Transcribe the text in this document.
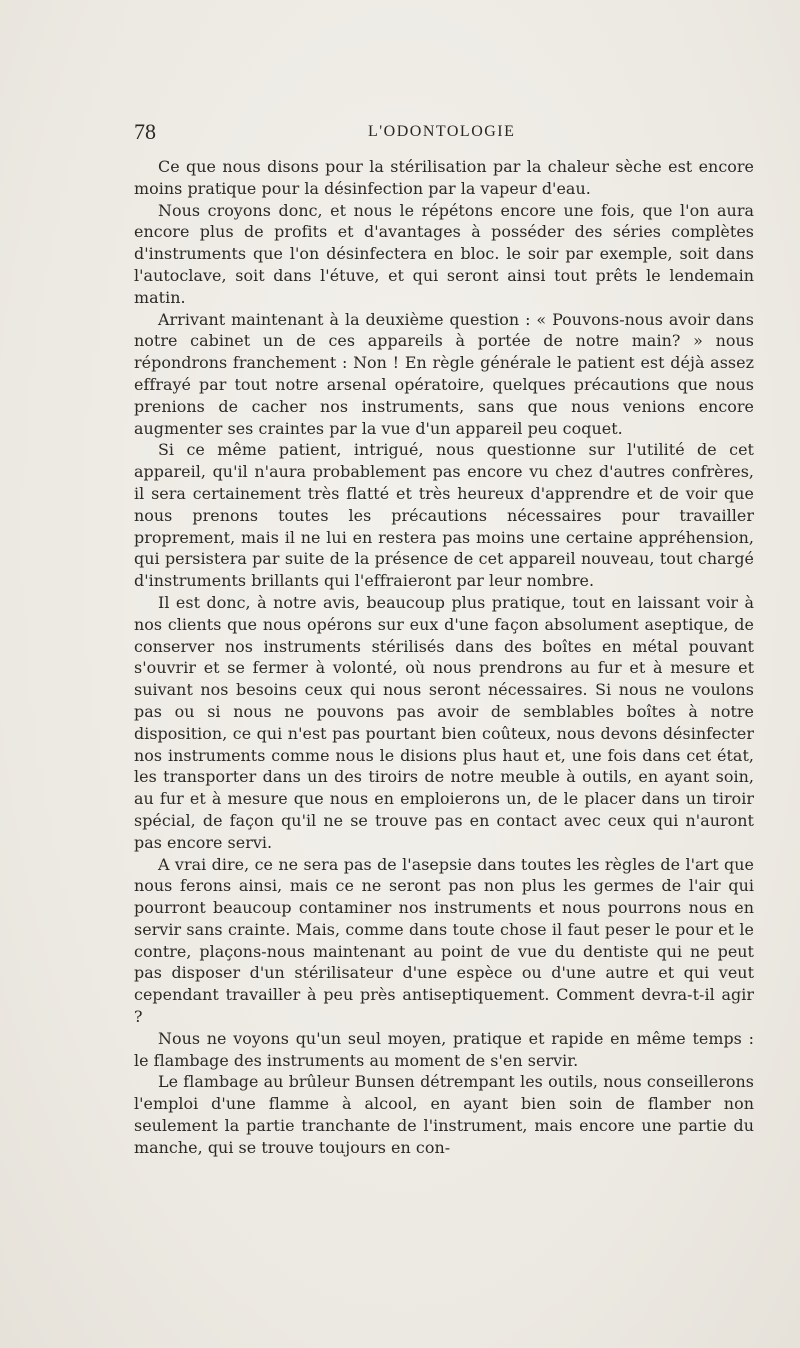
78	L'ODONTOLOGIE

Ce que nous disons pour la stérilisation par la chaleur sèche est encore moins pratique pour la désinfection par la vapeur d'eau.

Nous croyons donc, et nous le répétons encore une fois, que l'on aura encore plus de profits et d'avantages à posséder des séries complètes d'instruments que l'on désinfectera en bloc. le soir par exemple, soit dans l'autoclave, soit dans l'étuve, et qui seront ainsi tout prêts le lendemain matin.

Arrivant maintenant à la deuxième question : « Pouvons-nous avoir dans notre cabinet un de ces appareils à portée de notre main? » nous répondrons franchement : Non ! En règle générale le patient est déjà assez effrayé par tout notre arsenal opératoire, quelques précautions que nous prenions de cacher nos instruments, sans que nous venions encore augmenter ses craintes par la vue d'un appareil peu coquet.

Si ce même patient, intrigué, nous questionne sur l'utilité de cet appareil, qu'il n'aura probablement pas encore vu chez d'autres confrères, il sera certainement très flatté et très heureux d'apprendre et de voir que nous prenons toutes les précautions nécessaires pour travailler proprement, mais il ne lui en restera pas moins une certaine appréhension, qui persistera par suite de la présence de cet appareil nouveau, tout chargé d'instruments brillants qui l'effraieront par leur nombre.

Il est donc, à notre avis, beaucoup plus pratique, tout en laissant voir à nos clients que nous opérons sur eux d'une façon absolument aseptique, de conserver nos instruments stérilisés dans des boîtes en métal pouvant s'ouvrir et se fermer à volonté, où nous prendrons au fur et à mesure et suivant nos besoins ceux qui nous seront nécessaires. Si nous ne voulons pas ou si nous ne pouvons pas avoir de semblables boîtes à notre disposition, ce qui n'est pas pourtant bien coûteux, nous devons désinfecter nos instruments comme nous le disions plus haut et, une fois dans cet état, les transporter dans un des tiroirs de notre meuble à outils, en ayant soin, au fur et à mesure que nous en emploierons un, de le placer dans un tiroir spécial, de façon qu'il ne se trouve pas en contact avec ceux qui n'auront pas encore servi.

A vrai dire, ce ne sera pas de l'asepsie dans toutes les règles de l'art que nous ferons ainsi, mais ce ne seront pas non plus les germes de l'air qui pourront beaucoup contaminer nos instruments et nous pourrons nous en servir sans crainte. Mais, comme dans toute chose il faut peser le pour et le contre, plaçons-nous maintenant au point de vue du dentiste qui ne peut pas disposer d'un stérilisateur d'une espèce ou d'une autre et qui veut cependant travailler à peu près antiseptiquement. Comment devra-t-il agir ?

Nous ne voyons qu'un seul moyen, pratique et rapide en même temps : le flambage des instruments au moment de s'en servir.

Le flambage au brûleur Bunsen détrempant les outils, nous conseillerons l'emploi d'une flamme à alcool, en ayant bien soin de flamber non seulement la partie tranchante de l'instrument, mais encore une partie du manche, qui se trouve toujours en con-
